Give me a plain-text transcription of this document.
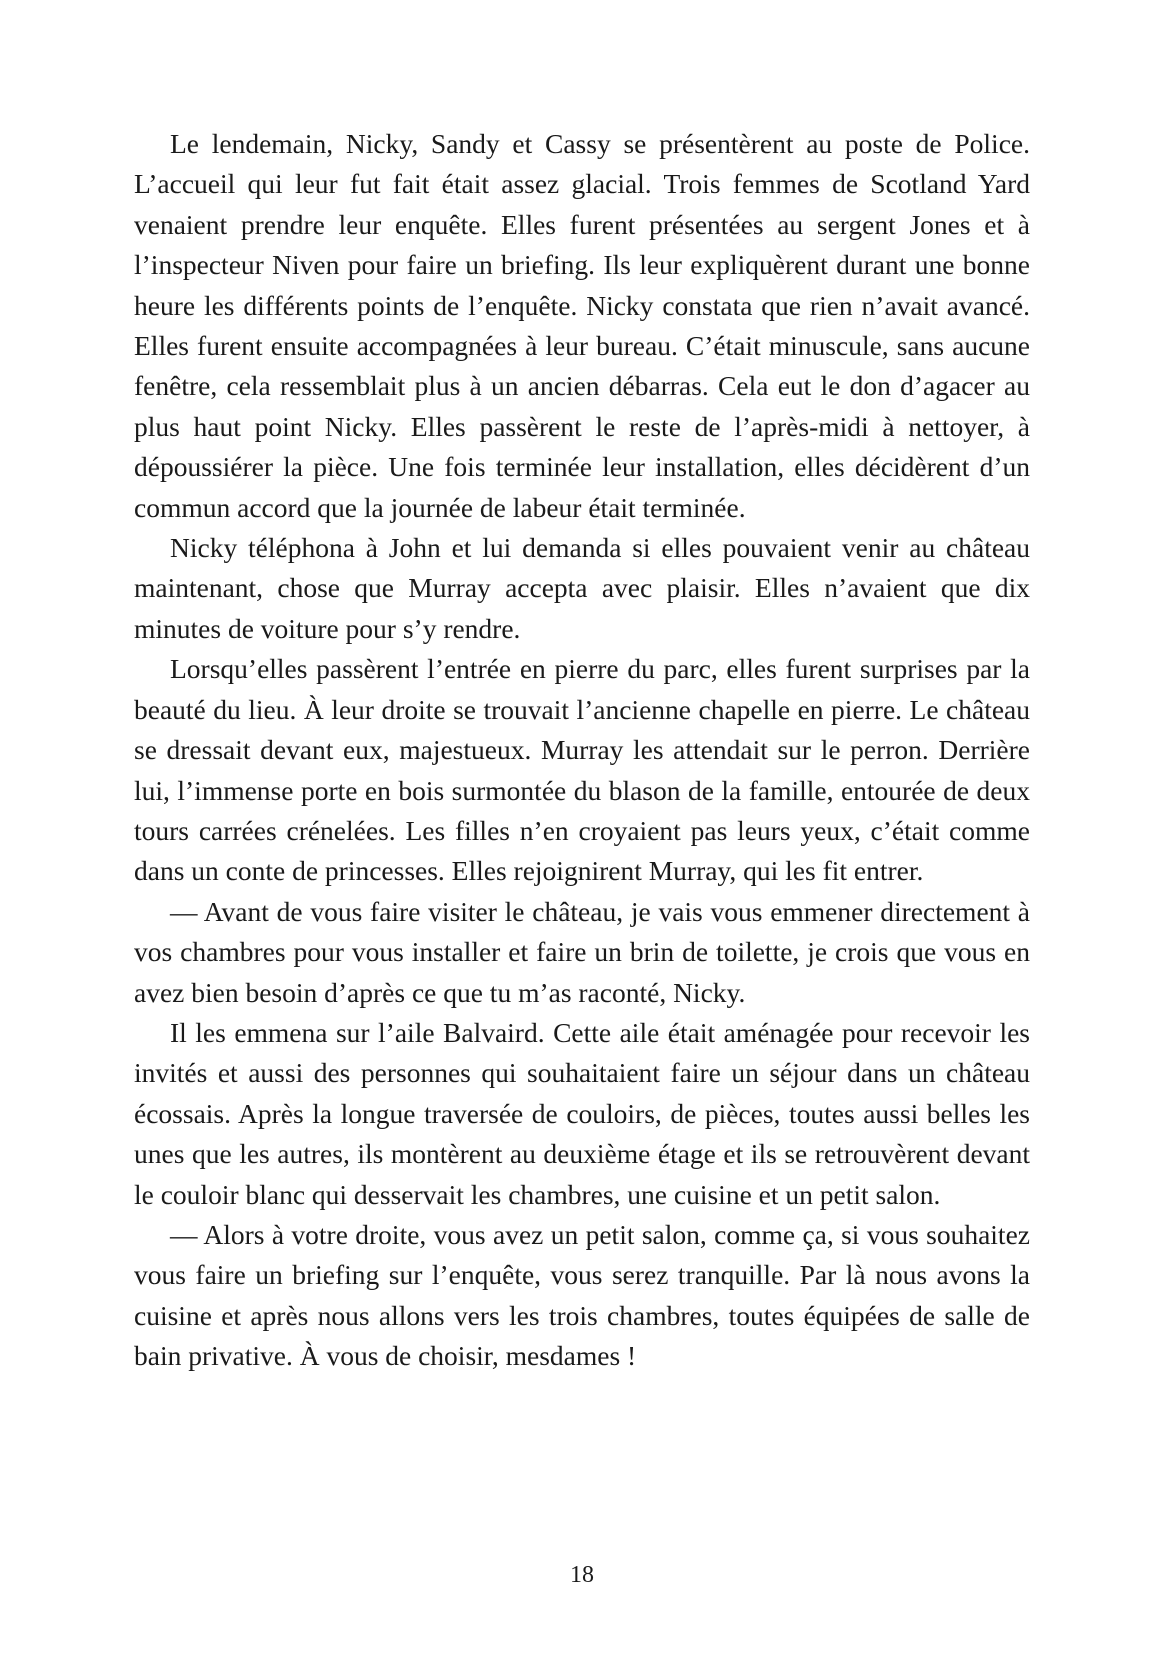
Le lendemain, Nicky, Sandy et Cassy se présentèrent au poste de Police. L’accueil qui leur fut fait était assez glacial. Trois femmes de Scotland Yard venaient prendre leur enquête. Elles furent présentées au sergent Jones et à l’inspecteur Niven pour faire un briefing. Ils leur expliquèrent durant une bonne heure les différents points de l’enquête. Nicky constata que rien n’avait avancé. Elles furent ensuite accompagnées à leur bureau. C’était minuscule, sans aucune fenêtre, cela ressemblait plus à un ancien débarras. Cela eut le don d’agacer au plus haut point Nicky. Elles passèrent le reste de l’après-midi à nettoyer, à dépoussiérer la pièce. Une fois terminée leur installation, elles décidèrent d’un commun accord que la journée de labeur était terminée.

Nicky téléphona à John et lui demanda si elles pouvaient venir au château maintenant, chose que Murray accepta avec plaisir. Elles n’avaient que dix minutes de voiture pour s’y rendre.

Lorsqu’elles passèrent l’entrée en pierre du parc, elles furent surprises par la beauté du lieu. À leur droite se trouvait l’ancienne chapelle en pierre. Le château se dressait devant eux, majestueux. Murray les attendait sur le perron. Derrière lui, l’immense porte en bois surmontée du blason de la famille, entourée de deux tours carrées crénelées. Les filles n’en croyaient pas leurs yeux, c’était comme dans un conte de princesses. Elles rejoignirent Murray, qui les fit entrer.

— Avant de vous faire visiter le château, je vais vous emmener directement à vos chambres pour vous installer et faire un brin de toilette, je crois que vous en avez bien besoin d’après ce que tu m’as raconté, Nicky.

Il les emmena sur l’aile Balvaird. Cette aile était aménagée pour recevoir les invités et aussi des personnes qui souhaitaient faire un séjour dans un château écossais. Après la longue traversée de couloirs, de pièces, toutes aussi belles les unes que les autres, ils montèrent au deuxième étage et ils se retrouvèrent devant le couloir blanc qui desservait les chambres, une cuisine et un petit salon.

— Alors à votre droite, vous avez un petit salon, comme ça, si vous souhaitez vous faire un briefing sur l’enquête, vous serez tranquille. Par là nous avons la cuisine et après nous allons vers les trois chambres, toutes équipées de salle de bain privative. À vous de choisir, mesdames !

18
